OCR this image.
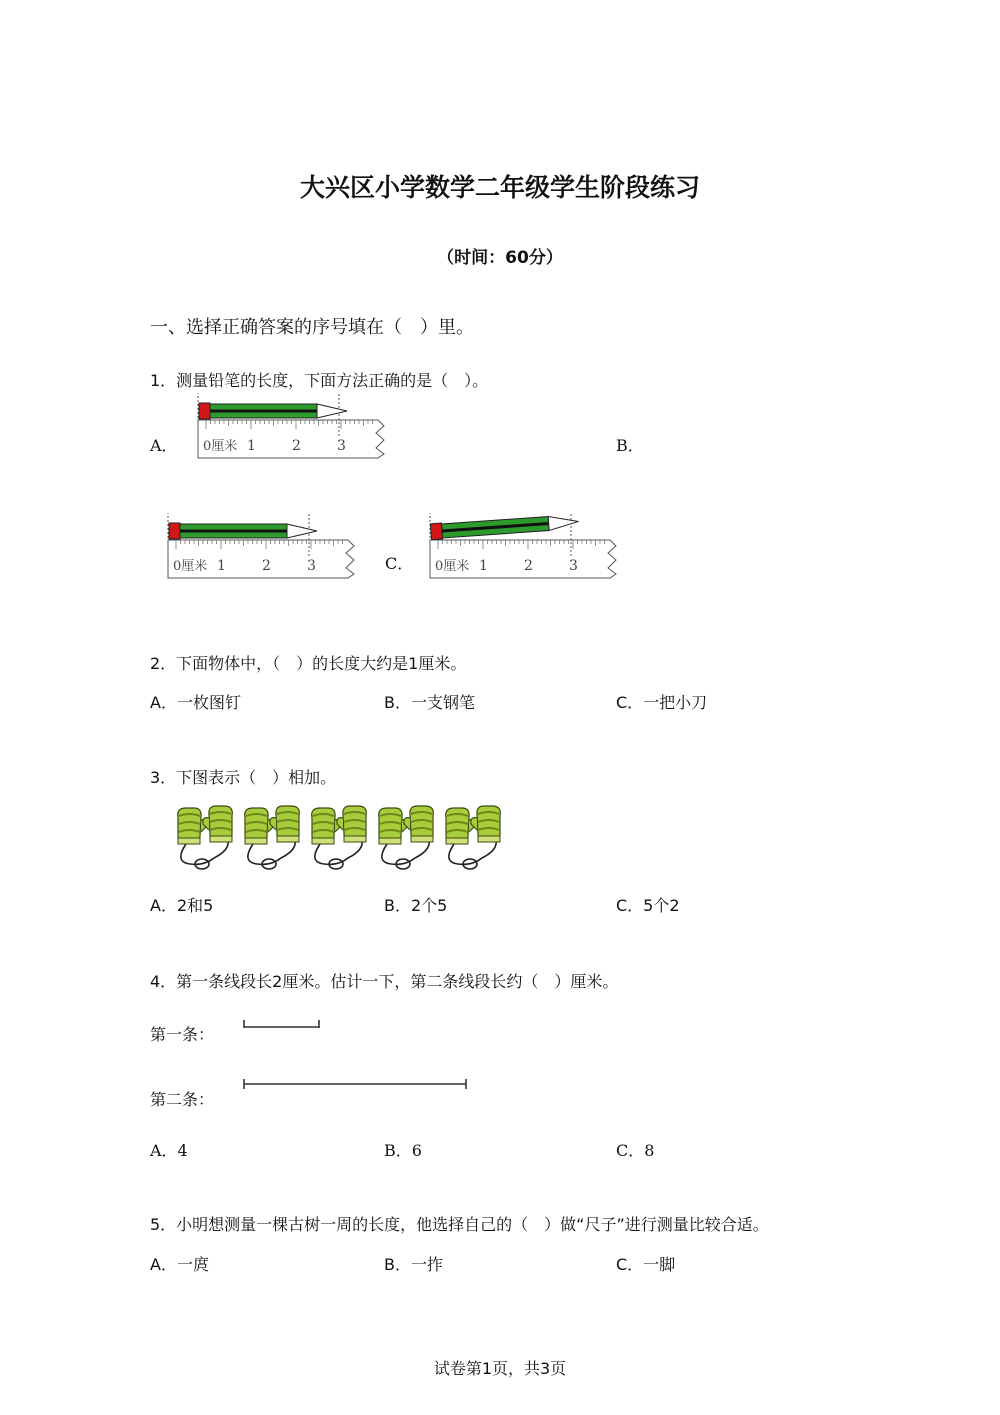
大兴区小学数学二年级学生阶段练习
（时间：60分）
一、选择正确答案的序号填在（　）里。
1．测量铅笔的长度，下面方法正确的是（　）。
A．	B．
C．
0厘米 1	2	3
0厘米 1	2	3	0厘米 1	2	3
2．下面物体中，（　）的长度大约是1厘米。
A．一枚图钉	B．一支钢笔	C．一把小刀
3．下图表示（　）相加。
A．2和5	B．2个5	C．5个2
4．第一条线段长2厘米。估计一下，第二条线段长约（　）厘米。
第一条：
第二条：
A．4	B．6	C．8
5．小明想测量一棵古树一周的长度，他选择自己的（　）做“尺子”进行测量比较合适。
A．一庹	B．一拃	C．一脚
试卷第1页，共3页
